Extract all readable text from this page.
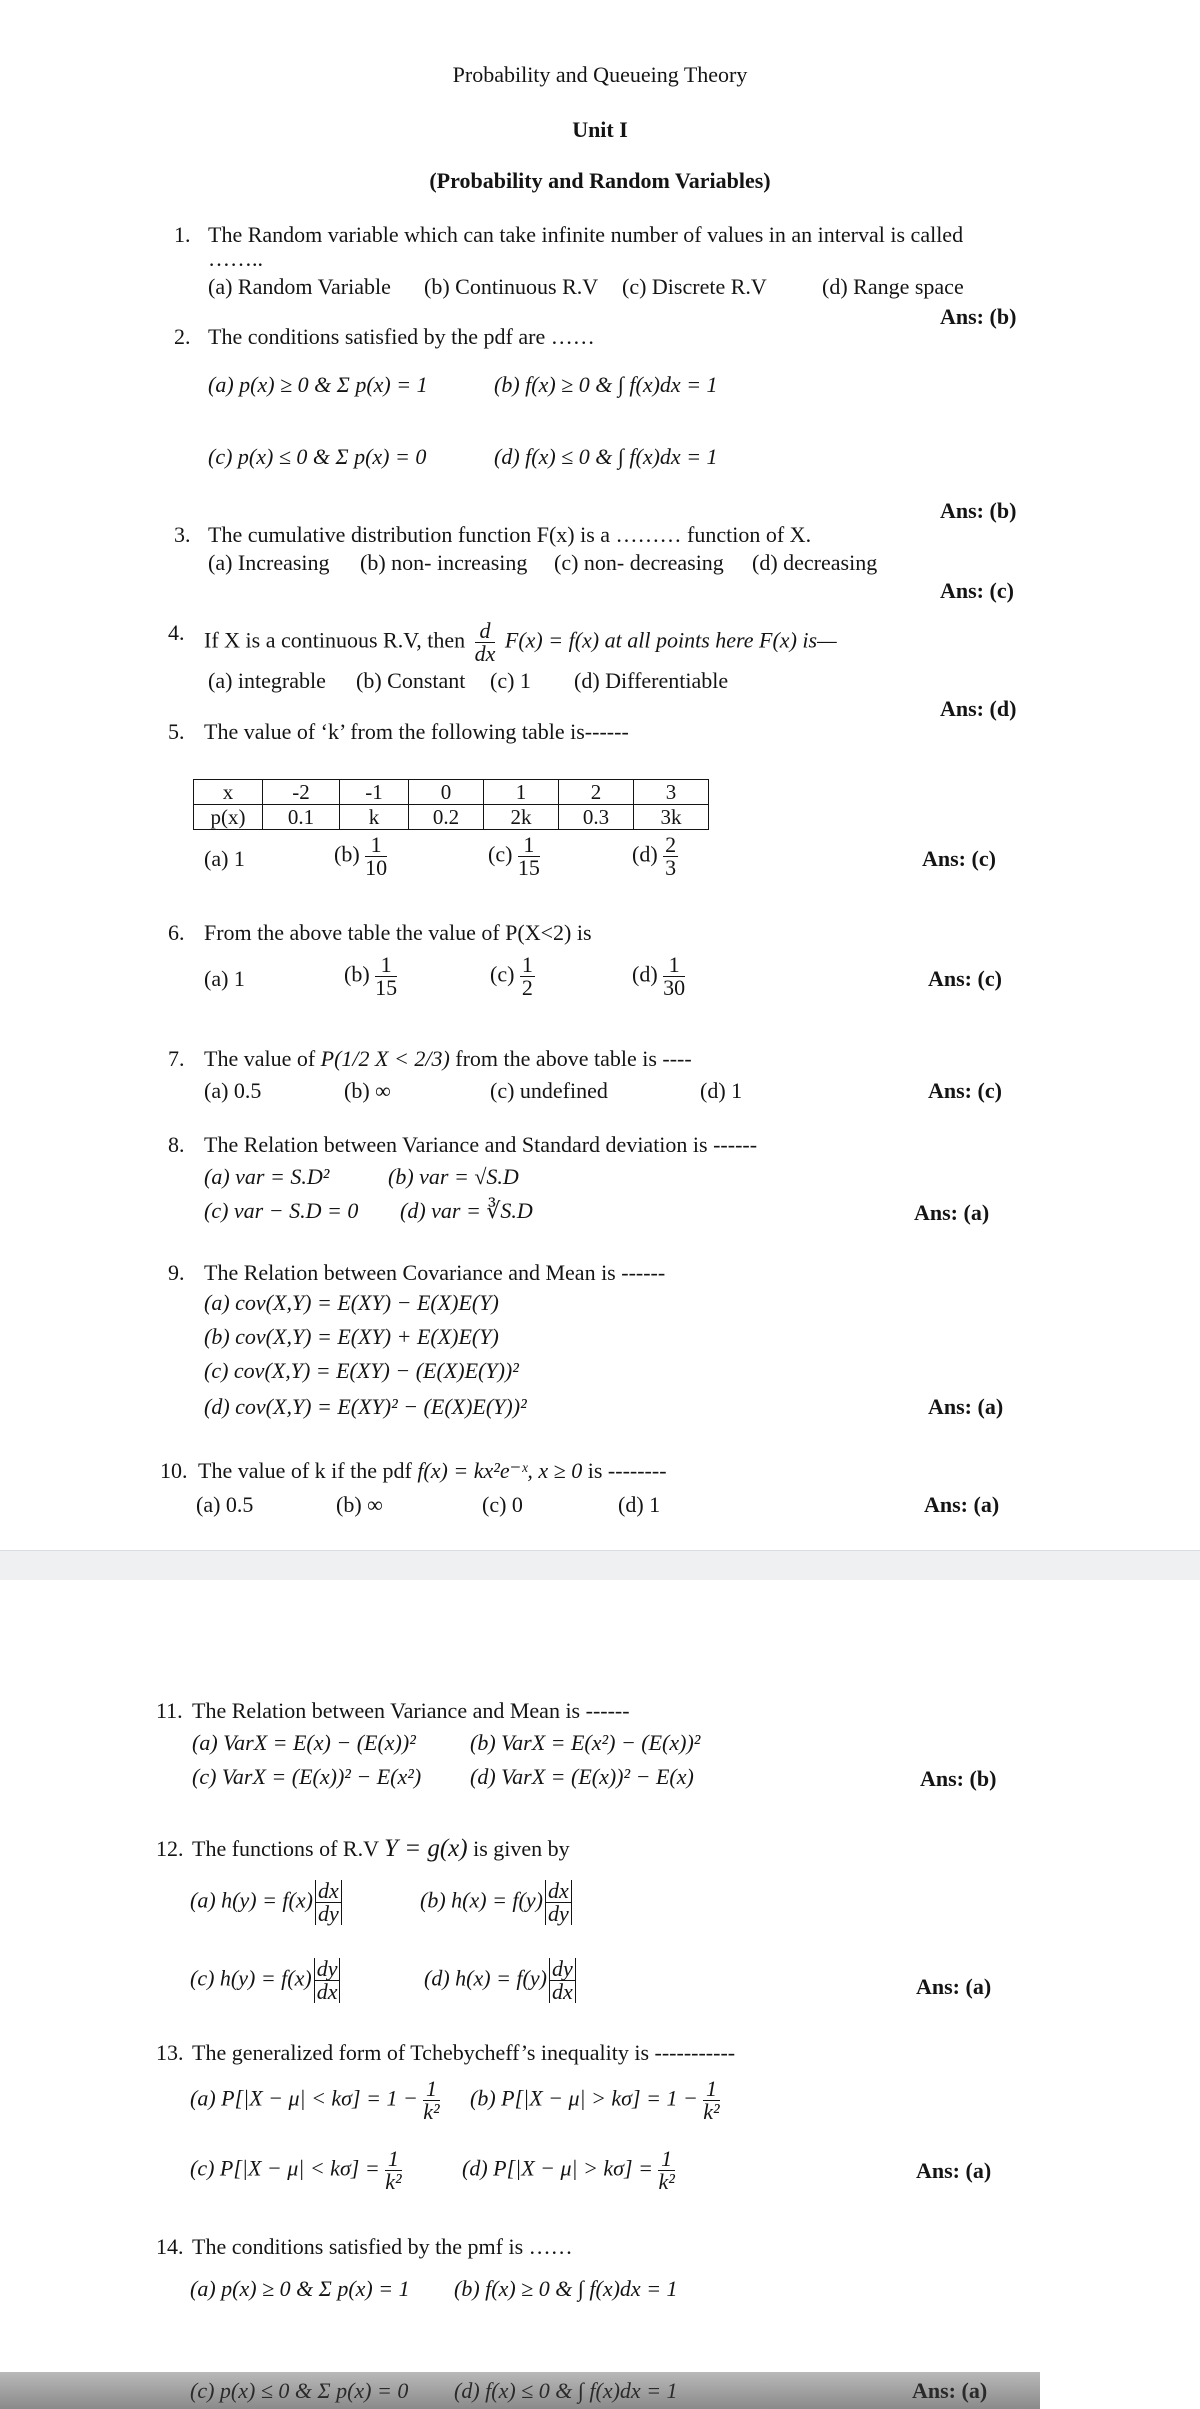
Probability and Queueing Theory
Unit I
(Probability and Random Variables)
1. The Random variable which can take infinite number of values in an interval is called
……..
(a) Random Variable (b) Continuous R.V (c) Discrete R.V	(d) Range space
Ans: (b)
2. The conditions satisfied by the pdf are ……
(a) p(x) ≥ 0 & Σ p(x) = 1	(b) f(x) ≥ 0 & ∫ f(x)dx = 1
(c) p(x) ≤ 0 & Σ p(x) = 0	(d) f(x) ≤ 0 & ∫ f(x)dx = 1
Ans: (b)
3. The cumulative distribution function F(x) is a ……… function of X.
(a) Increasing (b) non- increasing (c) non- decreasing (d) decreasing
Ans: (c)
4. If X is a continuous R.V, then $\frac{d}{dx} F(x) = f(x)$ at all points here F(x) is—
(a) integrable (b) Constant (c) 1 (d) Differentiable
Ans: (d)
5. The value of ‘k’ from the following table is------
x	-2	-1	0	1	2	3
p(x)	0.1	k	0.2	2k	0.3	3k
(a) 1	$(b) \frac{1}{10}$	$(c) \frac{1}{15}$	$(d) \frac{2}{3}$	Ans: (c)
6. From the above table the value of P(X<2) is
(a) 1	$(b) \frac{1}{15}$	$(c) \frac{1}{2}$	$(d) \frac{1}{30}$	Ans: (c)
7. The value of P(1/2 X < 2/3) from the above table is ----
(a) 0.5	(b) ∞	(c) undefined	(d) 1	Ans: (c)
8. The Relation between Variance and Standard deviation is ------
(a) var = S.D²	(b) var = √S.D
(c) var − S.D = 0 (d) var = ∛S.D	Ans: (a)
9. The Relation between Covariance and Mean is ------
(a) cov(X,Y) = E(XY) − E(X)E(Y)
(b) cov(X,Y) = E(XY) + E(X)E(Y)
(c) cov(X,Y) = E(XY) − (E(X)E(Y))²
(d) cov(X,Y) = E(XY)² − (E(X)E(Y))²	Ans: (a)
10. The value of k if the pdf f(x) = kx²e⁻ˣ, x ≥ 0 is --------
(a) 0.5	(b) ∞	(c) 0	(d) 1	Ans: (a)
11. The Relation between Variance and Mean is ------
(a) VarX = E(x) − (E(x))² (b) VarX = E(x²) − (E(x))²
(c) VarX = (E(x))² − E(x²) (d) VarX = (E(x))² − E(x)	Ans: (b)
12. The functions of R.V Y = g(x) is given by
(a) $h(y) = f(x) \frac{dx}{dy}$	(b) $h(x) = f(y) \frac{dx}{dy}$
(c) $h(y) = f(x) \frac{dy}{dx}$	(d) $h(x) = f(y) \frac{dy}{dx}$	Ans: (a)
13. The generalized form of Tchebycheff’s inequality is -----------
(a) $P[|X - \mu| < k\sigma] = 1 - \frac{1}{\text{k²}} (b) P[|X - \mu| > k\sigma] = 1 - \frac{1}{\text{k²}}$
(c) $P[|X - \mu| < k\sigma] = \frac{1}{\text{k²}}$	(d) $P[|X - \mu| > k\sigma] = \frac{1}{\text{k²}}$	Ans: (a)
14. The conditions satisfied by the pmf is ……
(a) p(x) ≥ 0 & Σ p(x) = 1 (b) f(x) ≥ 0 & ∫ f(x)dx = 1
(c) p(x) ≤ 0 & Σ p(x) = 0 (d) f(x) ≤ 0 & ∫ f(x)dx = 1	Ans: (a)
